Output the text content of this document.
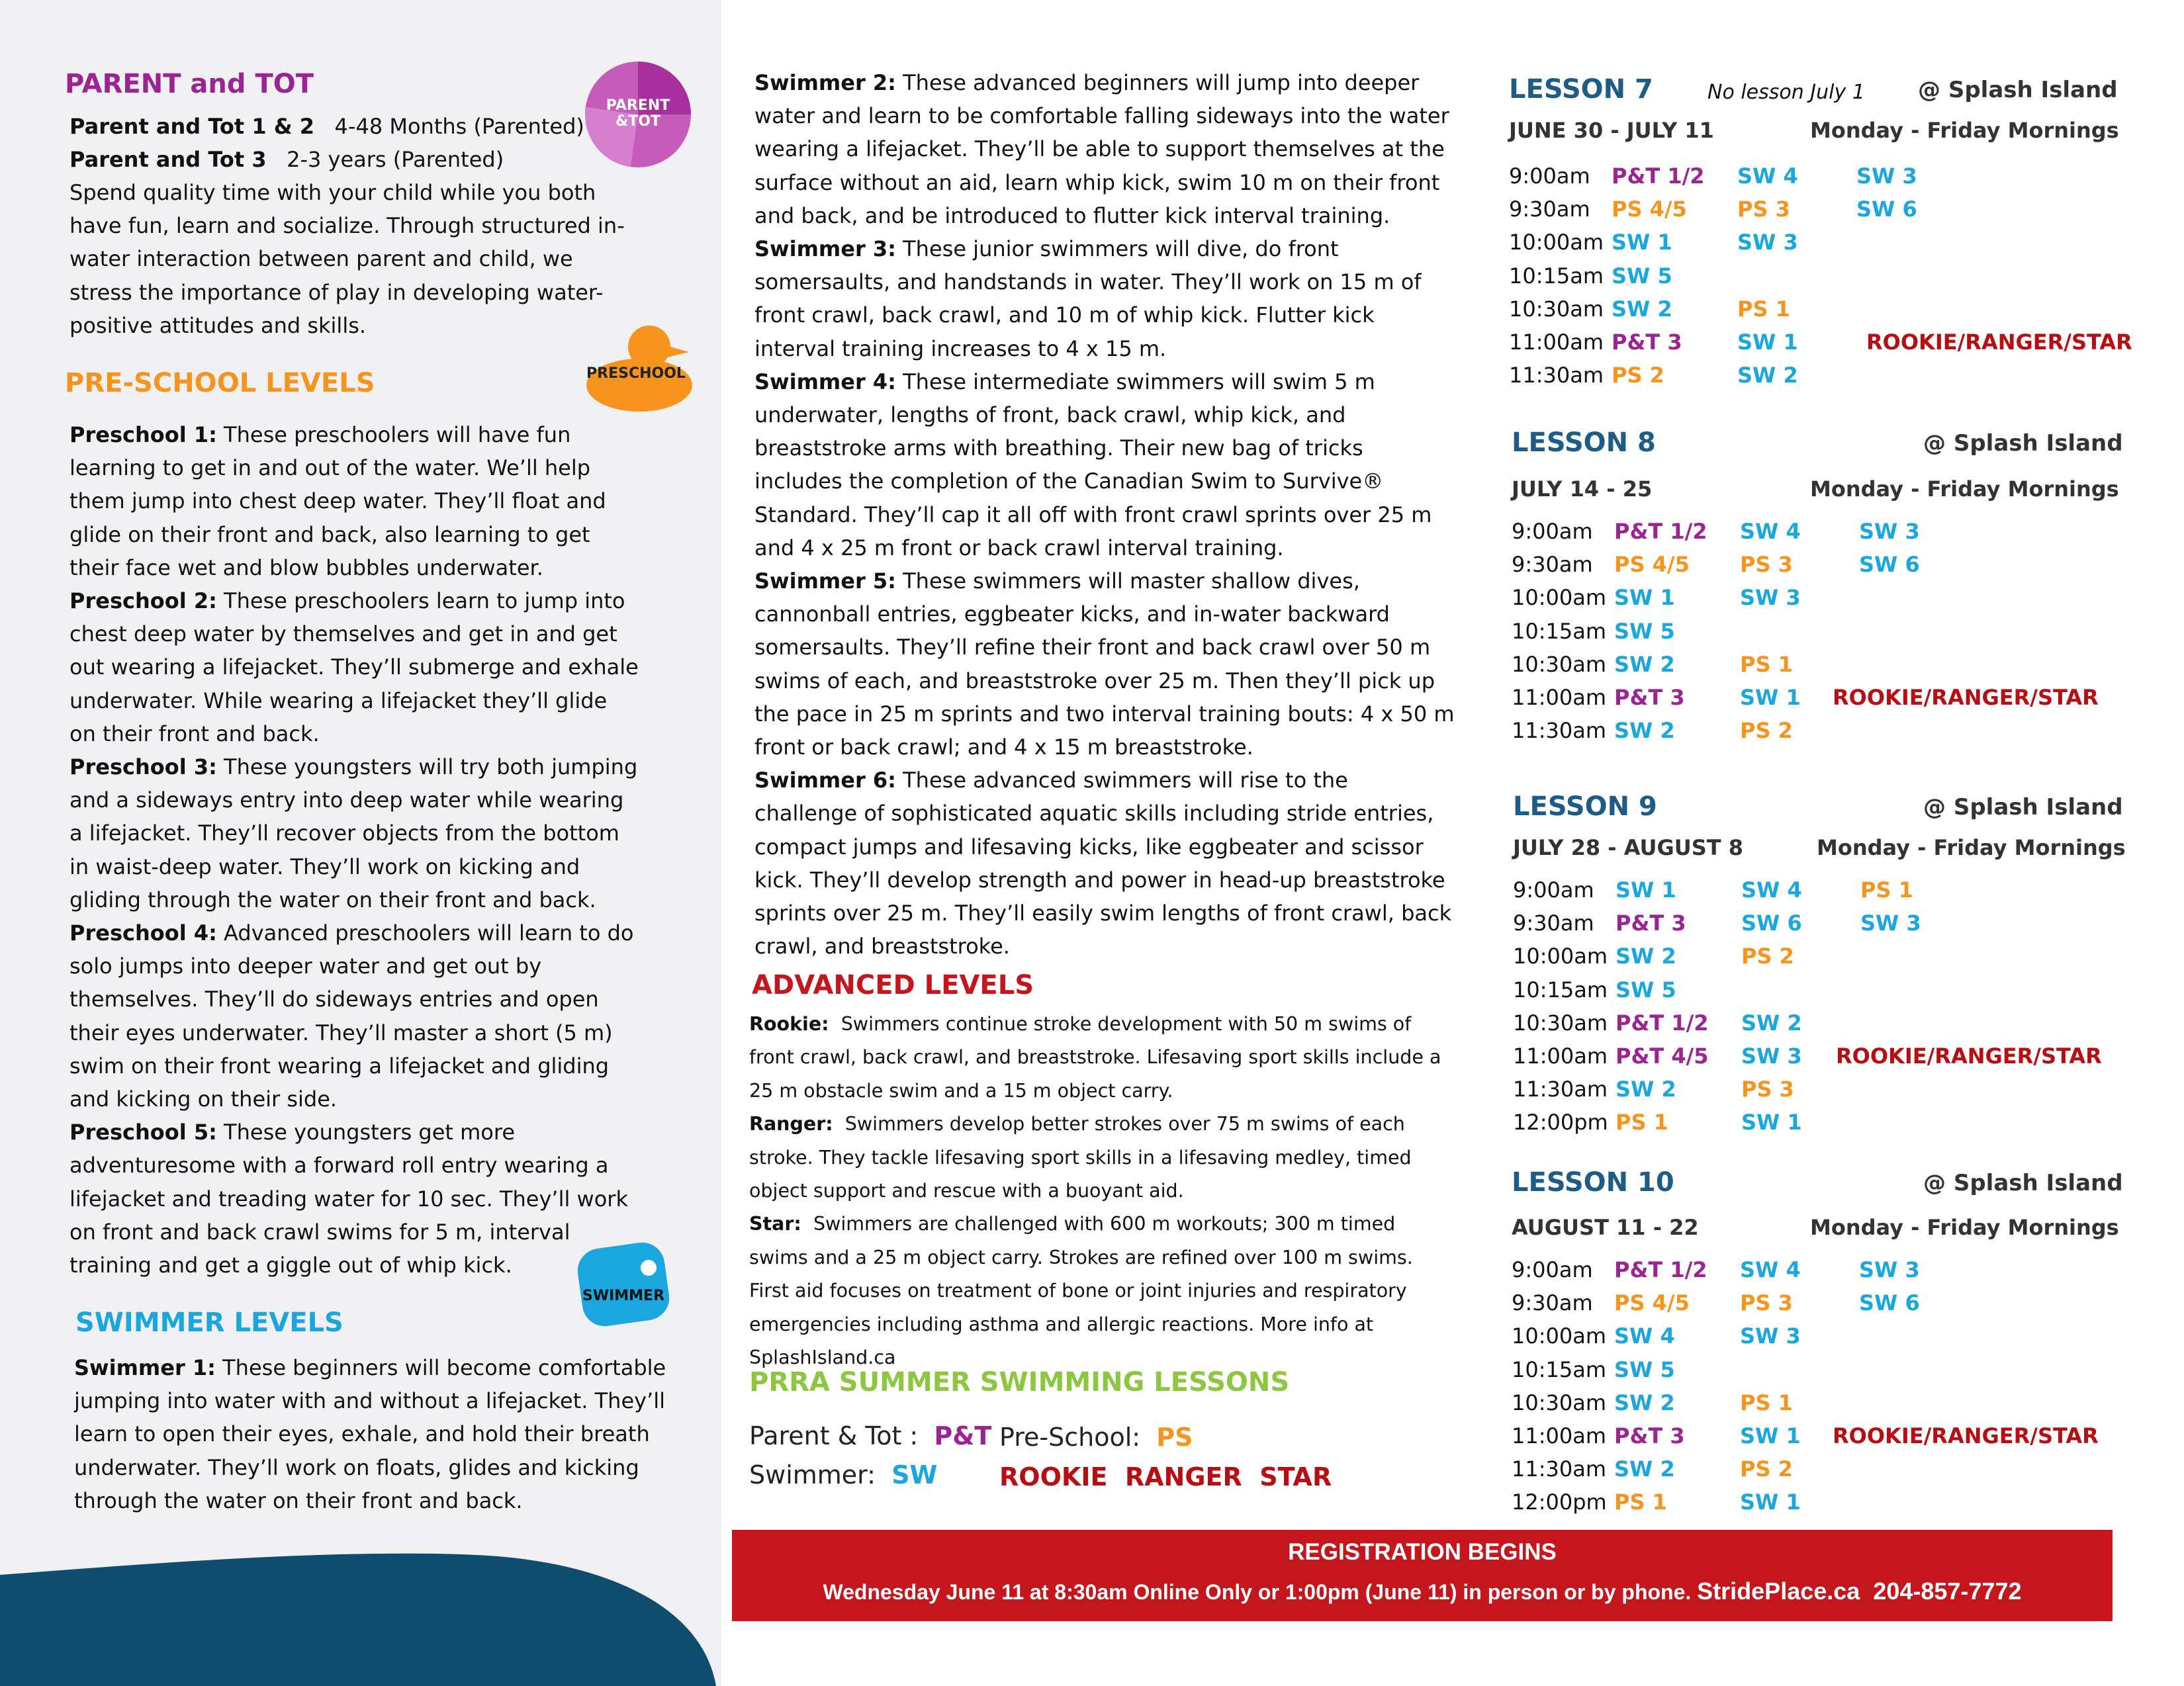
PARENT and TOT
PARENT &TOT

Parent and Tot 1 & 2 4-48 Months (Parented)

Parent and Tot 3 2-3 years (Parented)

Spend quality time with your child while you both have fun, learn and socialize. Through structured in-water interaction between parent and child, we stress the importance of play in developing water-positive attitudes and skills.
PRE-SCHOOL LEVELS	PRESCHOOL

Preschool 1: These preschoolers will have fun learning to get in and out of the water. We’ll help them jump into chest deep water. They’ll float and glide on their front and back, also learning to get their face wet and blow bubbles underwater.

Preschool 2: These preschoolers learn to jump into chest deep water by themselves and get in and get out wearing a lifejacket. They’ll submerge and exhale underwater. While wearing a lifejacket they’ll glide on their front and back.

Preschool 3: These youngsters will try both jumping and a sideways entry into deep water while wearing a lifejacket. They’ll recover objects from the bottom in waist-deep water. They’ll work on kicking and gliding through the water on their front and back.

Preschool 4: Advanced preschoolers will learn to do solo jumps into deeper water and get out by themselves. They’ll do sideways entries and open their eyes underwater. They’ll master a short (5 m) swim on their front wearing a lifejacket and gliding and kicking on their side.

Preschool 5: These youngsters get more adventuresome with a forward roll entry wearing a lifejacket and treading water for 10 sec. They’ll work on front and back crawl swims for 5 m, interval training and get a giggle out of whip kick.

SWIMMER LEVELS
SWIMMER

Swimmer 1: These beginners will become comfortable jumping into water with and without a lifejacket. They’ll learn to open their eyes, exhale, and hold their breath underwater. They’ll work on floats, glides and kicking through the water on their front and back.

Swimmer 2: These advanced beginners will jump into deeper water and learn to be comfortable falling sideways into the water wearing a lifejacket. They’ll be able to support themselves at the surface without an aid, learn whip kick, swim 10 m on their front and back, and be introduced to flutter kick interval training.

Swimmer 3: These junior swimmers will dive, do front somersaults, and handstands in water. They’ll work on 15 m of front crawl, back crawl, and 10 m of whip kick. Flutter kick interval training increases to 4 x 15 m.

Swimmer 4: These intermediate swimmers will swim 5 m underwater, lengths of front, back crawl, whip kick, and breaststroke arms with breathing. Their new bag of tricks includes the completion of the Canadian Swim to Survive® Standard. They’ll cap it all off with front crawl sprints over 25 m and 4 x 25 m front or back crawl interval training.

Swimmer 5: These swimmers will master shallow dives, cannonball entries, eggbeater kicks, and in-water backward somersaults. They’ll refine their front and back crawl over 50 m swims of each, and breaststroke over 25 m. Then they’ll pick up the pace in 25 m sprints and two interval training bouts: 4 x 50 m front or back crawl; and 4 x 15 m breaststroke.

Swimmer 6: These advanced swimmers will rise to the challenge of sophisticated aquatic skills including stride entries, compact jumps and lifesaving kicks, like eggbeater and scissor kick. They’ll develop strength and power in head-up breaststroke sprints over 25 m. They’ll easily swim lengths of front crawl, back crawl, and breaststroke.

ADVANCED LEVELS

Rookie: Swimmers continue stroke development with 50 m swims of front crawl, back crawl, and breaststroke. Lifesaving sport skills include a 25 m obstacle swim and a 15 m object carry.

Ranger: Swimmers develop better strokes over 75 m swims of each stroke. They tackle lifesaving sport skills in a lifesaving medley, timed object support and rescue with a buoyant aid.

Star: Swimmers are challenged with 600 m workouts; 300 m timed swims and a 25 m object carry. Strokes are refined over 100 m swims. First aid focuses on treatment of bone or joint injuries and respiratory emergencies including asthma and allergic reactions. More info at SplashIsland.ca

PRRA SUMMER SWIMMING LESSONS
Parent & Tot : P&T Pre-School: PS
Swimmer: SW ROOKIE  RANGER  STAR
LESSON 7	No lesson July 1 @ Splash Island
JUNE 30 - JULY 11	Monday - Friday Mornings
9:00am P&T 1/2 SW 4	SW 3
9:30am PS 4/5 PS 3	SW 6
10:00am SW 1	SW 3
10:15am SW 5
10:30am SW 2	PS 1
11:00am P&T 3	SW 1	ROOKIE/RANGER/STAR
11:30am PS 2	SW 2
LESSON 8	@ Splash Island
JULY 14 - 25	Monday - Friday Mornings
9:00am P&T 1/2 SW 4	SW 3
9:30am PS 4/5 PS 3	SW 6
10:00am SW 1	SW 3
10:15am SW 5
10:30am SW 2	PS 1
11:00am P&T 3	SW 1 ROOKIE/RANGER/STAR
11:30am SW 2	PS 2
LESSON 9	@ Splash Island
JULY 28 - AUGUST 8	Monday - Friday Mornings
9:00am SW 1	SW 4	PS 1
9:30am P&T 3	SW 6	SW 3
10:00am SW 2	PS 2
10:15am SW 5
10:30am P&T 1/2 SW 2
11:00am P&T 4/5 SW 3 ROOKIE/RANGER/STAR
11:30am SW 2	PS 3
12:00pm PS 1	SW 1
LESSON 10	@ Splash Island
AUGUST 11 - 22	Monday - Friday Mornings
9:00am P&T 1/2 SW 4	SW 3
9:30am PS 4/5 PS 3	SW 6
10:00am SW 4	SW 3
10:15am SW 5
10:30am SW 2	PS 1
11:00am P&T 3	SW 1 ROOKIE/RANGER/STAR
11:30am SW 2	PS 2
12:00pm PS 1	SW 1
REGISTRATION BEGINS
Wednesday June 11 at 8:30am Online Only or 1:00pm (June 11) in person or by phone. StridePlace.ca  204-857-7772
